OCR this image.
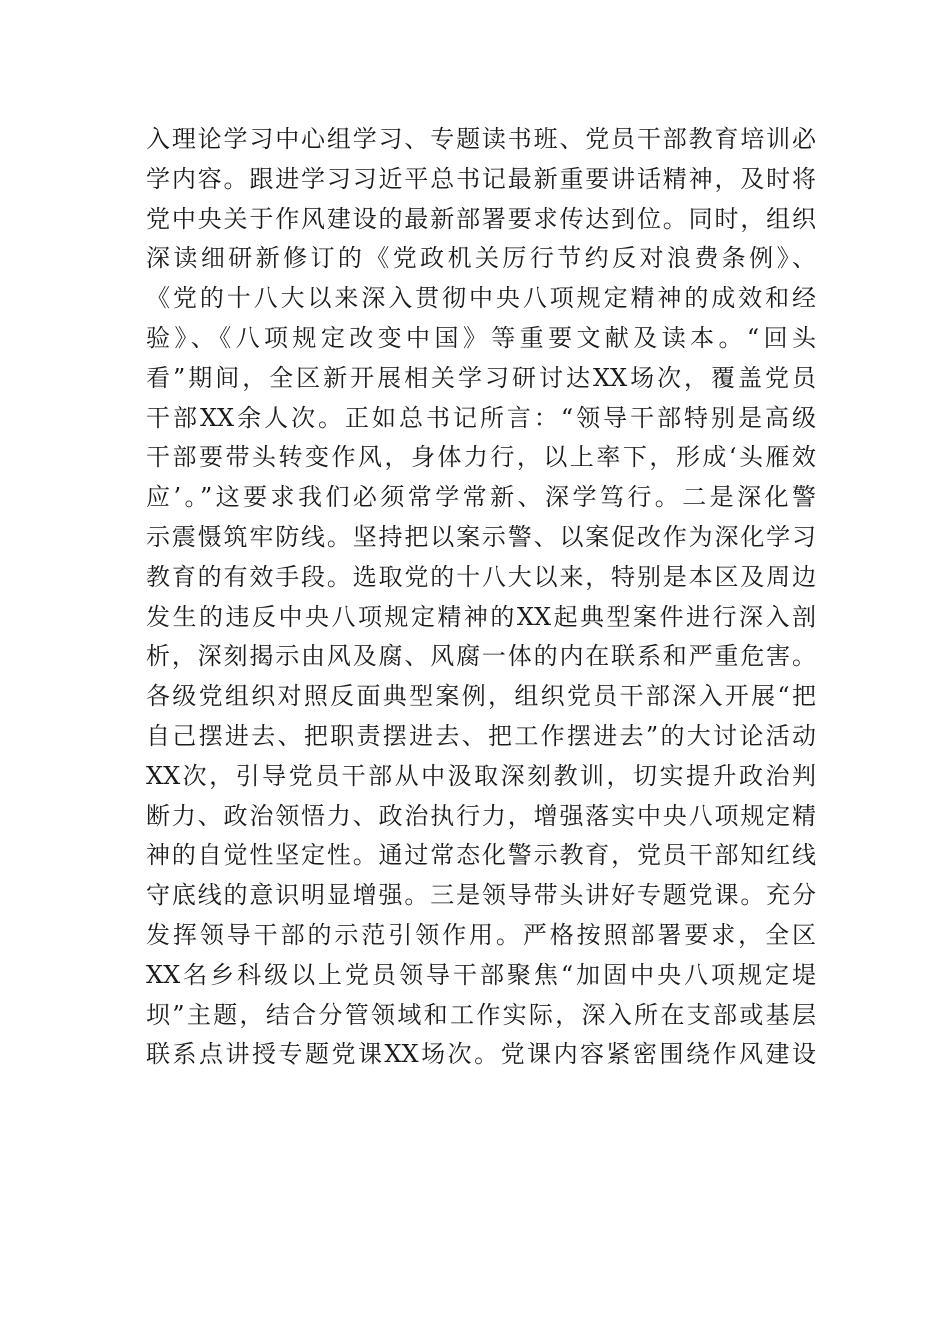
入理论学习中心组学习、专题读书班、党员干部教育培训必
学内容。跟进学习习近平总书记最新重要讲话精神，及时将
党中央关于作风建设的最新部署要求传达到位。同时，组织
深读细研新修订的《党政机关厉行节约反对浪费条例》、
《党的十八大以来深入贯彻中央八项规定精神的成效和经
验》、《八项规定改变中国》等重要文献及读本。“回头
看”期间，全区新开展相关学习研讨达XX场次，覆盖党员
干部XX余人次。正如总书记所言：“领导干部特别是高级
干部要带头转变作风，身体力行，以上率下，形成‘头雁效
应’。”这要求我们必须常学常新、深学笃行。二是深化警
示震慑筑牢防线。坚持把以案示警、以案促改作为深化学习
教育的有效手段。选取党的十八大以来，特别是本区及周边
发生的违反中央八项规定精神的XX起典型案件进行深入剖
析，深刻揭示由风及腐、风腐一体的内在联系和严重危害。
各级党组织对照反面典型案例，组织党员干部深入开展“把
自己摆进去、把职责摆进去、把工作摆进去”的大讨论活动
XX次，引导党员干部从中汲取深刻教训，切实提升政治判
断力、政治领悟力、政治执行力，增强落实中央八项规定精
神的自觉性坚定性。通过常态化警示教育，党员干部知红线
守底线的意识明显增强。三是领导带头讲好专题党课。充分
发挥领导干部的示范引领作用。严格按照部署要求，全区
XX名乡科级以上党员领导干部聚焦“加固中央八项规定堤
坝”主题，结合分管领域和工作实际，深入所在支部或基层
联系点讲授专题党课XX场次。党课内容紧密围绕作风建设
